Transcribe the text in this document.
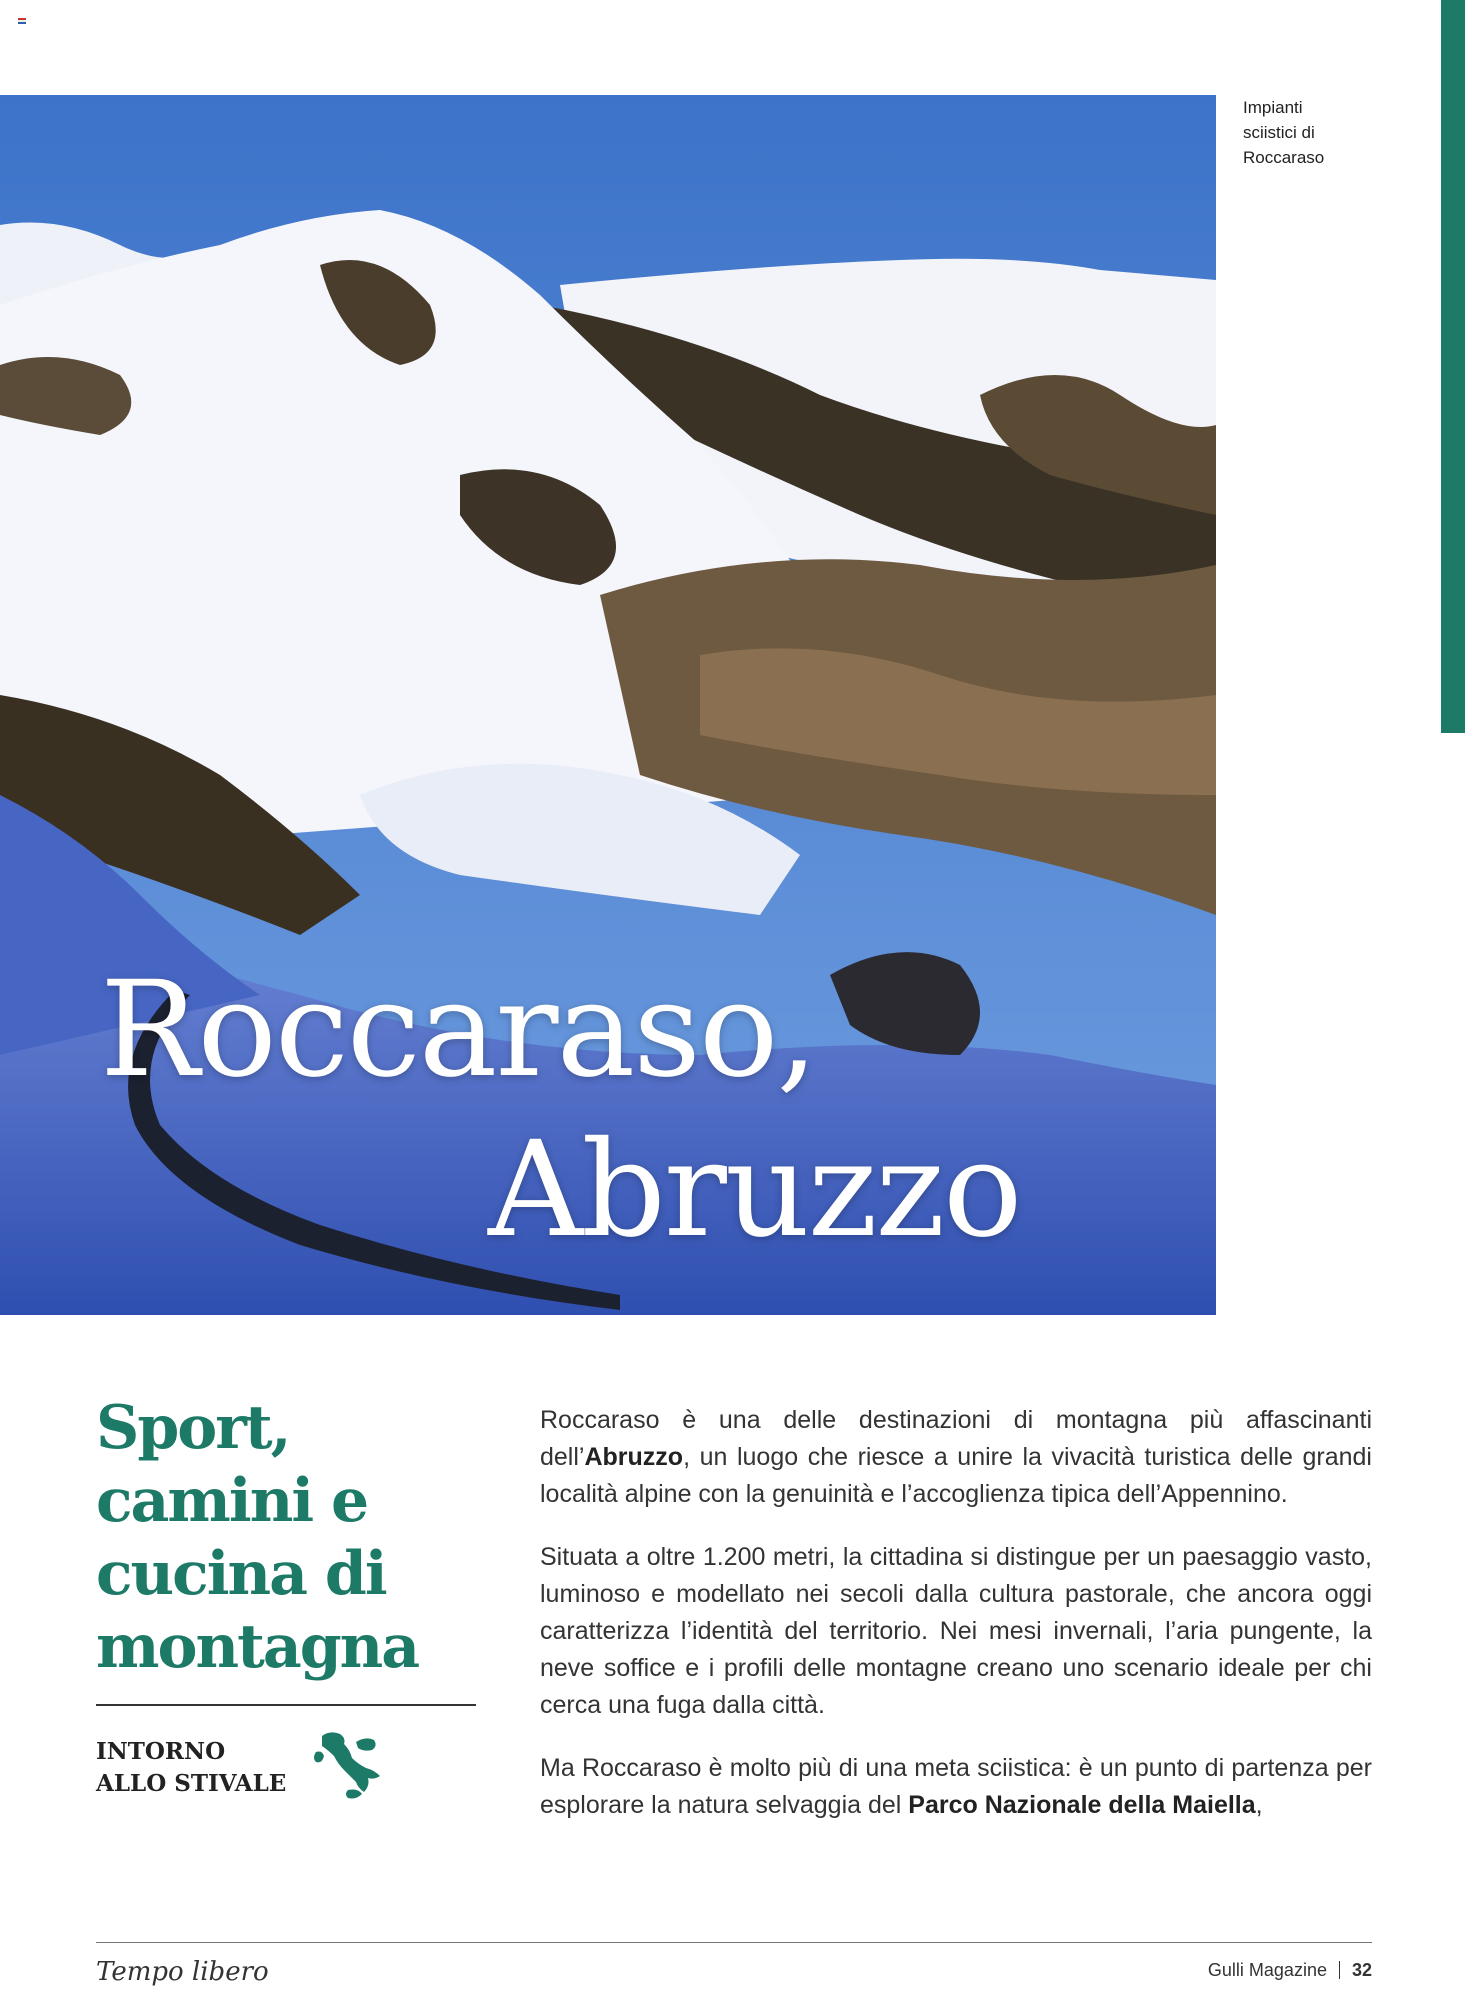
Roccaraso,
Abruzzo
Impianti
sciistici di
Roccaraso
Sport,
camini e
cucina di
montagna

INTORNO
ALLO STIVALE

Roccaraso è una delle destinazioni di montagna più affascinanti dell’Abruzzo, un luogo che riesce a unire la vivacità turistica delle grandi località alpine con la genuinità e l’accoglienza tipica dell’Appennino.

Situata a oltre 1.200 metri, la cittadina si distingue per un paesaggio vasto, luminoso e modellato nei secoli dalla cultura pastorale, che ancora oggi caratterizza l’identità del territorio. Nei mesi invernali, l’aria pungente, la neve soffice e i profili delle montagne creano uno scenario ideale per chi cerca una fuga dalla città.

Ma Roccaraso è molto più di una meta sciistica: è un punto di partenza per esplorare la natura selvaggia del Parco Nazionale della Maiella,

Tempo libero	Gulli Magazine 32
